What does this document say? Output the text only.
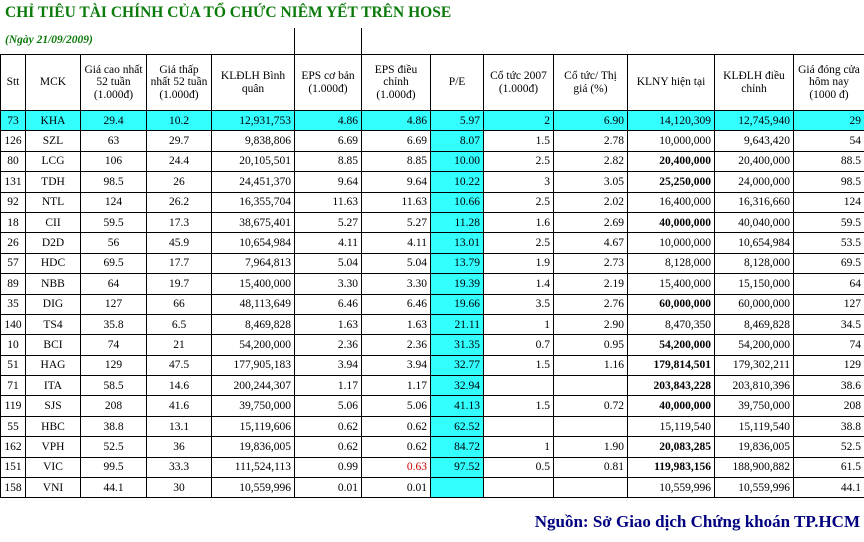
CHỈ TIÊU TÀI CHÍNH CỦA TỔ CHỨC NIÊM YẾT TRÊN HOSE
(Ngày 21/09/2009)
Stt	MCK	Giá cao nhất 52 tuần (1.000đ)	Giá thấp nhất 52 tuần (1.000đ)	KLĐLH Bình quân	EPS cơ bản (1.000đ)	EPS điều chỉnh (1.000đ)	P/E	Cổ tức 2007 (1.000đ)	Cổ tức/ Thị giá (%)	KLNY hiện tại	KLĐLH điều chỉnh	Giá đóng cửa hôm nay (1000 đ)
73	KHA	29.4	10.2	12,931,753	4.86	4.86	5.97	2	6.90	14,120,309	12,745,940	29
126	SZL	63	29.7	9,838,806	6.69	6.69	8.07	1.5	2.78	10,000,000	9,643,420	54
80	LCG	106	24.4	20,105,501	8.85	8.85	10.00	2.5	2.82	20,400,000	20,400,000	88.5
131	TDH	98.5	26	24,451,370	9.64	9.64	10.22	3	3.05	25,250,000	24,000,000	98.5
92	NTL	124	26.2	16,355,704	11.63	11.63	10.66	2.5	2.02	16,400,000	16,316,660	124
18	CII	59.5	17.3	38,675,401	5.27	5.27	11.28	1.6	2.69	40,000,000	40,040,000	59.5
26	D2D	56	45.9	10,654,984	4.11	4.11	13.01	2.5	4.67	10,000,000	10,654,984	53.5
57	HDC	69.5	17.7	7,964,813	5.04	5.04	13.79	1.9	2.73	8,128,000	8,128,000	69.5
89	NBB	64	19.7	15,400,000	3.30	3.30	19.39	1.4	2.19	15,400,000	15,150,000	64
35	DIG	127	66	48,113,649	6.46	6.46	19.66	3.5	2.76	60,000,000	60,000,000	127
140	TS4	35.8	6.5	8,469,828	1.63	1.63	21.11	1	2.90	8,470,350	8,469,828	34.5
10	BCI	74	21	54,200,000	2.36	2.36	31.35	0.7	0.95	54,200,000	54,200,000	74
51	HAG	129	47.5	177,905,183	3.94	3.94	32.77	1.5	1.16	179,814,501	179,302,211	129
71	ITA	58.5	14.6	200,244,307	1.17	1.17	32.94			203,843,228	203,810,396	38.6
119	SJS	208	41.6	39,750,000	5.06	5.06	41.13	1.5	0.72	40,000,000	39,750,000	208
55	HBC	38.8	13.1	15,119,606	0.62	0.62	62.52			15,119,540	15,119,540	38.8
162	VPH	52.5	36	19,836,005	0.62	0.62	84.72	1	1.90	20,083,285	19,836,005	52.5
151	VIC	99.5	33.3	111,524,113	0.99	0.63	97.52	0.5	0.81	119,983,156	188,900,882	61.5
158	VNI	44.1	30	10,559,996	0.01	0.01				10,559,996	10,559,996	44.1
Nguồn: Sở Giao dịch Chứng khoán TP.HCM
